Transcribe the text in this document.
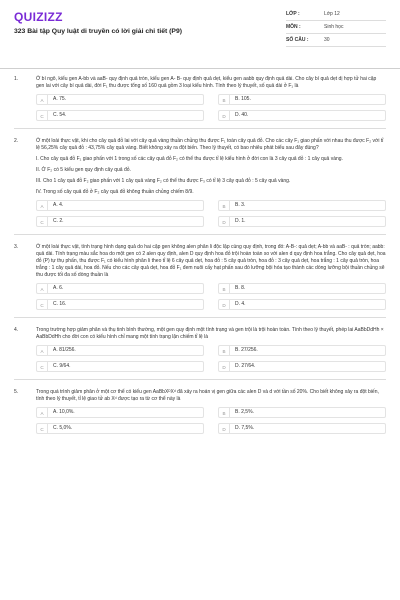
QUIZIZZ
323 Bài tập Quy luật di truyền có lời giải chi tiết (P9)
LỚP :	Lớp 12
MÔN :	Sinh học
SỐ CÂU :	30
1.	Ở bí ngô, kiểu gen A-bb và aaB- quy định quả tròn, kiểu gen A- B- quy định quả dẹt, kiểu gen aabb quy định quả dài. Cho cây bí quả dẹt dị hợp tử hai cặp gen lai với cây bí quả dài, đời F₁ thu được tổng số 160 quả gồm 3 loại kiểu hình. Tính theo lý thuyết, số quả dài ở F₁ là
A	A. 75.	B	B. 105.
C	C. 54.	D	D. 40.
2.	Ở một loài thực vật, khi cho cây quả đỏ lai với cây quả vàng thuần chủng thu được F₁ toàn cây quả đỏ. Cho các cây F₁ giao phấn với nhau thu được F₂ với tỉ lệ 56,25% cây quả đỏ : 43,75% cây quả vàng. Biết không xảy ra đột biến. Theo lý thuyết, có bao nhiêu phát biểu sau đây đúng?
I. Cho cây quả đỏ F₁ giao phấn với 1 trong số các cây quả đỏ F₂ có thể thu được tỉ lệ kiểu hình ở đời con là 3 cây quả đỏ : 1 cây quả vàng.
II. Ở F₂ có 5 kiểu gen quy định cây quả đỏ.
III. Cho 1 cây quả đỏ F₂ giao phấn với 1 cây quả vàng F₂ có thể thu được F₃ có tỉ lệ 3 cây quả đỏ : 5 cây quả vàng.
IV. Trong số cây quả đỏ ở F₂ cây quả đỏ không thuần chủng chiếm 8/9.
A	A. 4.	B	B. 3.
C	C. 2.	D	D. 1.
3.	Ở một loài thực vật, tính trạng hình dạng quả do hai cặp gen không alen phân li độc lập cùng quy định, trong đó: A-B-: quả dẹt; A-bb và aaB- : quả tròn; aabb: quả dài. Tính trạng màu sắc hoa do một gen có 2 alen quy định, alen D quy định hoa đỏ trội hoàn toàn so với alen d quy định hoa trắng. Cho cây quả dẹt, hoa đỏ (P) tự thụ phấn, thu được F₁ có kiểu hình phân li theo tỉ lệ 6 cây quả dẹt, hoa đỏ : 5 cây quả tròn, hoa đỏ : 3 cây quả dẹt, hoa trắng : 1 cây quả tròn, hoa trắng : 1 cây quả dài, hoa đỏ. Nếu cho các cây quả dẹt, hoa đỏ F₁ đem nuôi cấy hạt phấn sau đó lưỡng bội hóa tạo thành các dòng lưỡng bội thuần chủng sẽ thu được tối đa số dòng thuần là
A	A. 6.	B	B. 8.
C	C. 16.	D	D. 4.
4.	Trong trường hợp giảm phân và thụ tinh bình thường, một gen quy định một tính trạng và gen trội là trội hoàn toàn. Tính theo lý thuyết, phép lai AaBbDdHh × AaBbDdHh cho đời con có kiểu hình chỉ mang một tính trạng lặn chiếm tỉ lệ là
A	A. 81/256.	B	B. 27/256.
C	C. 9/64.	D	D. 27/64.
5.	Trong quá trình giảm phân ở một cơ thể có kiểu gen AaBbXᴰXᵈ đã xảy ra hoán vị gen giữa các alen D và d với tần số 20%. Cho biết không xảy ra đột biến, tính theo lý thuyết, tỉ lệ giao tử ab Xᵈ được tạo ra từ cơ thể này là
A	A. 10,0%.	B	B. 2,5%.
C	C. 5,0%.	D	D. 7,5%.
